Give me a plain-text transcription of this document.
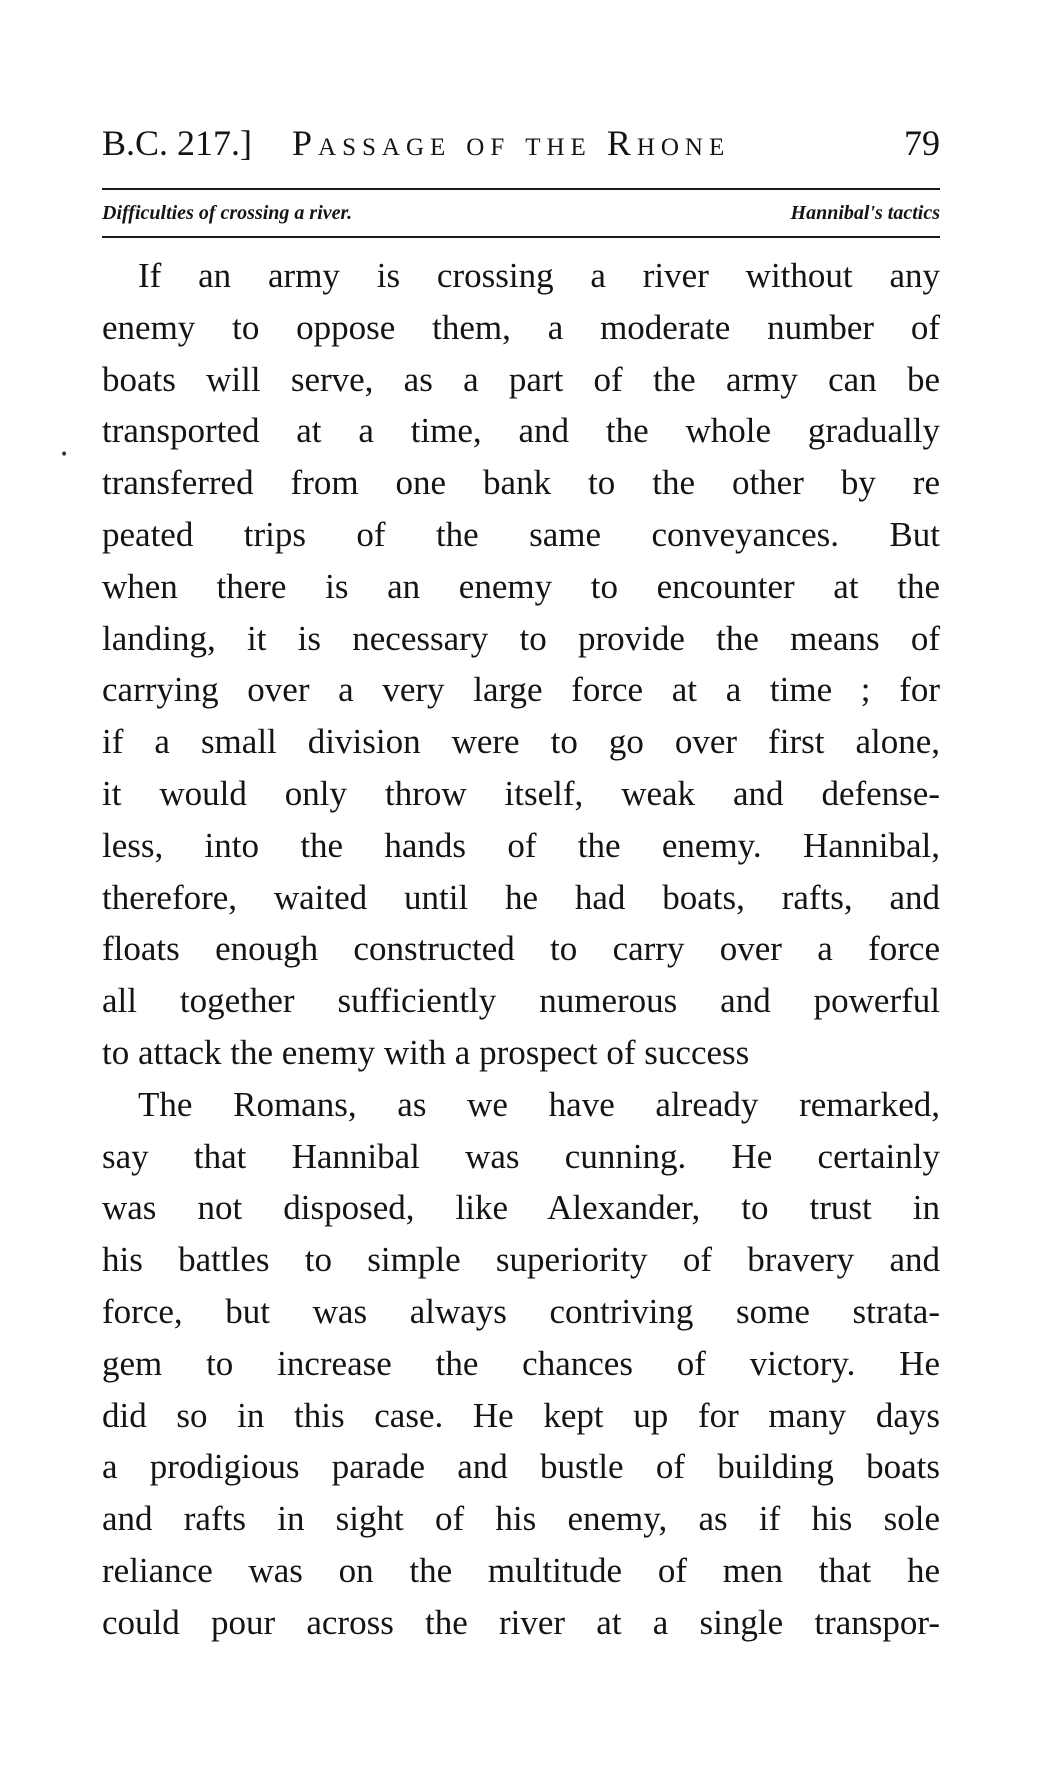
B.C. 217.] Passage of the Rhone	79
Difficulties of crossing a river.	Hannibal's tactics
•
If an army is crossing a river without any
enemy to oppose them, a moderate number of
boats will serve, as a part of the army can be
transported at a time, and the whole gradually
transferred from one bank to the other by re
peated trips of the same conveyances. But
when there is an enemy to encounter at the
landing, it is necessary to provide the means of
carrying over a very large force at a time ; for
if a small division were to go over first alone,
it would only throw itself, weak and defense-
less, into the hands of the enemy. Hannibal,
therefore, waited until he had boats, rafts, and
floats enough constructed to carry over a force
all together sufficiently numerous and powerful
to attack the enemy with a prospect of success
The Romans, as we have already remarked,
say that Hannibal was cunning. He certainly
was not disposed, like Alexander, to trust in
his battles to simple superiority of bravery and
force, but was always contriving some strata-
gem to increase the chances of victory. He
did so in this case. He kept up for many days
a prodigious parade and bustle of building boats
and rafts in sight of his enemy, as if his sole
reliance was on the multitude of men that he
could pour across the river at a single transpor-
